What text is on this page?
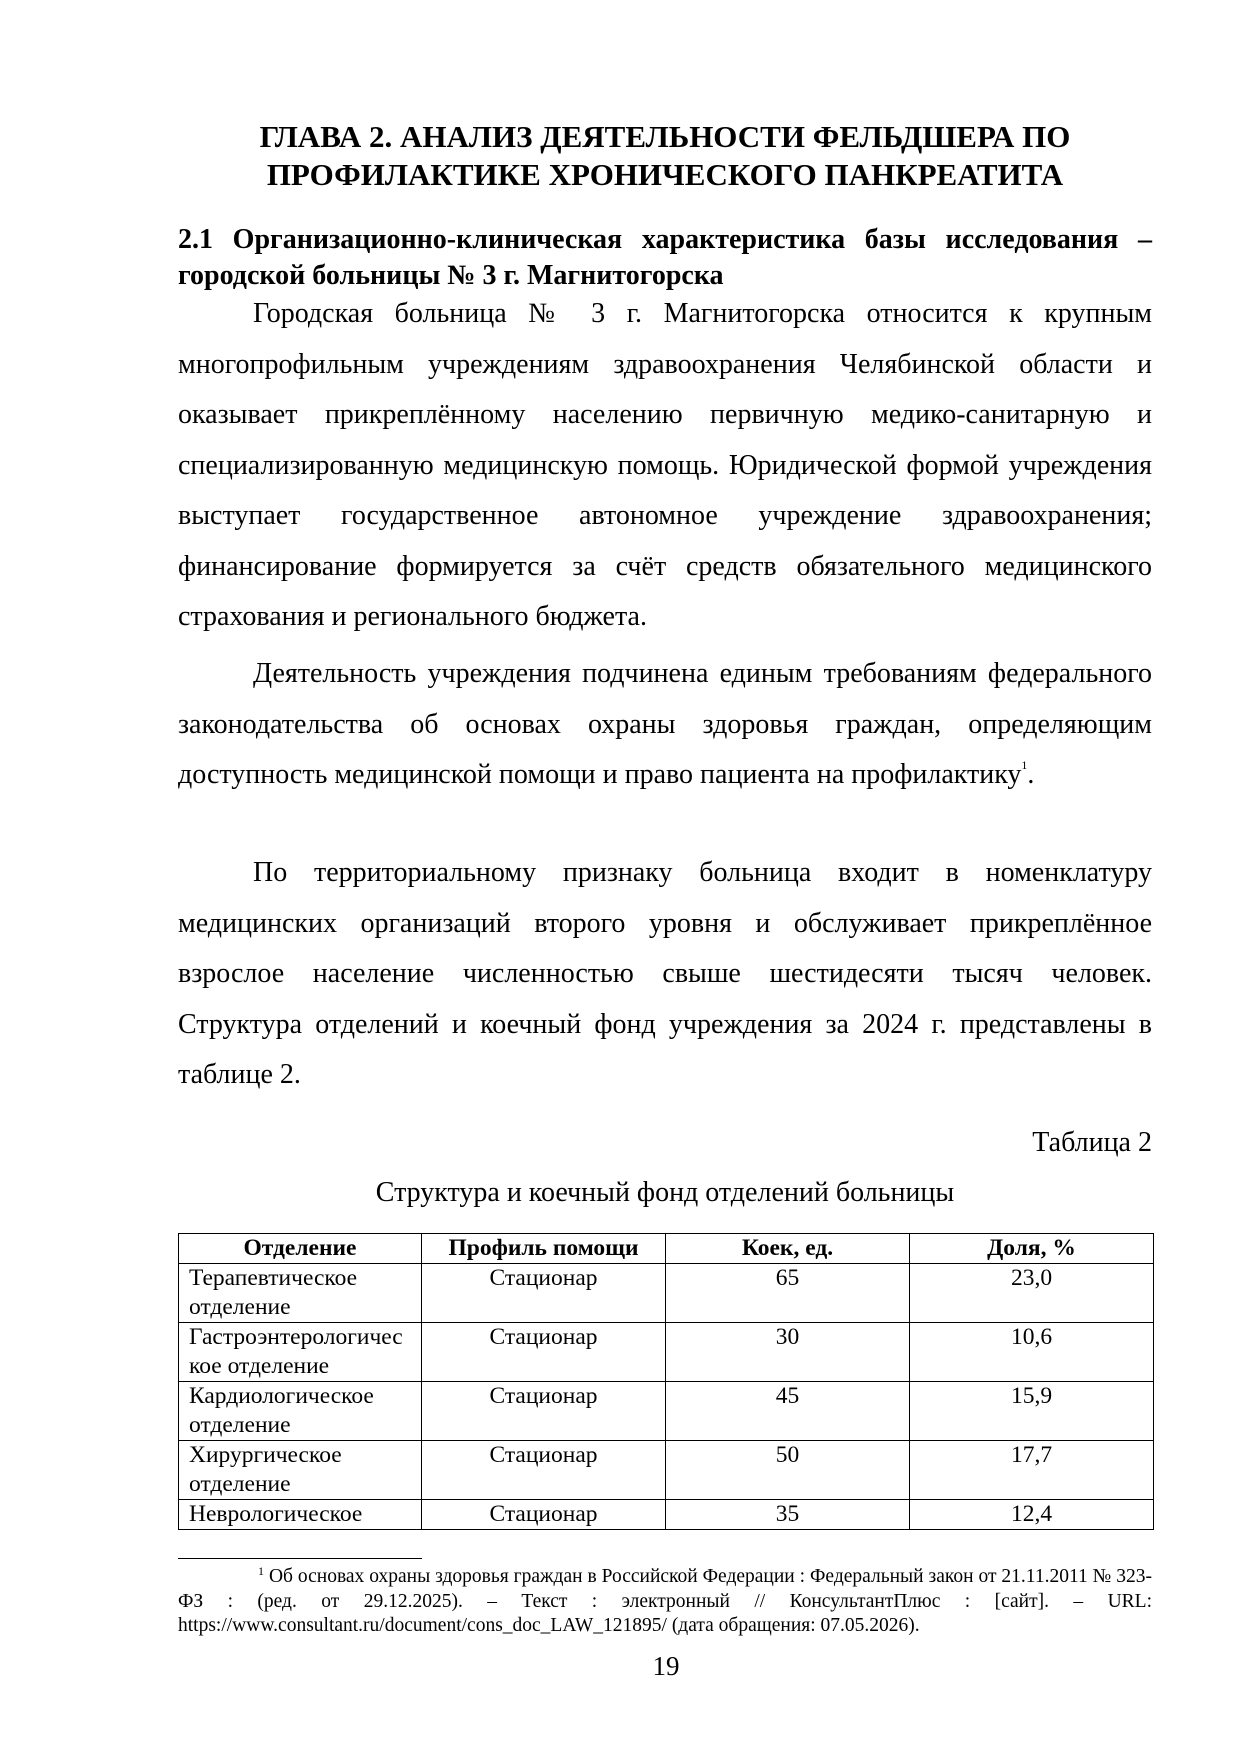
ГЛАВА 2. АНАЛИЗ ДЕЯТЕЛЬНОСТИ ФЕЛЬДШЕРА ПО
ПРОФИЛАКТИКЕ ХРОНИЧЕСКОГО ПАНКРЕАТИТА
2.1 Организационно-клиническая характеристика базы исследования – городской больницы № 3 г. Магнитогорска

Городская больница № 3 г. Магнитогорска относится к крупным многопрофильным учреждениям здравоохранения Челябинской области и оказывает прикреплённому населению первичную медико-санитарную и специализированную медицинскую помощь. Юридической формой учреждения выступает государственное автономное учреждение здравоохранения; финансирование формируется за счёт средств обязательного медицинского страхования и регионального бюджета.

Деятельность учреждения подчинена единым требованиям федерального законодательства об основах охраны здоровья граждан, определяющим доступность медицинской помощи и право пациента на профилактику$^1$.

По территориальному признаку больница входит в номенклатуру медицинских организаций второго уровня и обслуживает прикреплённое взрослое население численностью свыше шестидесяти тысяч человек. Структура отделений и коечный фонд учреждения за 2024 г. представлены в таблице 2.

Таблица 2
Структура и коечный фонд отделений больницы
Отделение	Профиль помощи	Коек, ед.	Доля, %
Терапевтическое отделение	Стационар	65	23,0
Гастроэнтерологическое отделение	Стационар	30	10,6
Кардиологическое отделение	Стационар	45	15,9
Хирургическое отделение	Стационар	50	17,7
Неврологическое	Стационар	35	12,4
$^1$ Об основах охраны здоровья граждан в Российской Федерации : Федеральный закон от 21.11.2011 № 323-ФЗ : (ред. от 29.12.2025). – Текст : электронный // КонсультантПлюс : [сайт]. – URL: https://www.consultant.ru/document/cons_doc_LAW_121895/ (дата обращения: 07.05.2026).
19
